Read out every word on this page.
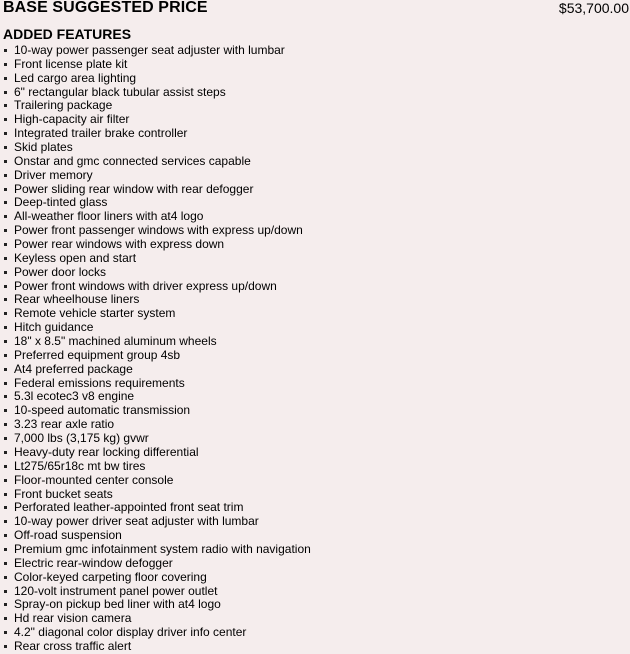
BASE SUGGESTED PRICE	$53,700.00
ADDED FEATURES
10-way power passenger seat adjuster with lumbar
Front license plate kit
Led cargo area lighting
6" rectangular black tubular assist steps
Trailering package
High-capacity air filter
Integrated trailer brake controller
Skid plates
Onstar and gmc connected services capable
Driver memory
Power sliding rear window with rear defogger
Deep-tinted glass
All-weather floor liners with at4 logo
Power front passenger windows with express up/down
Power rear windows with express down
Keyless open and start
Power door locks
Power front windows with driver express up/down
Rear wheelhouse liners
Remote vehicle starter system
Hitch guidance
18" x 8.5" machined aluminum wheels
Preferred equipment group 4sb
At4 preferred package
Federal emissions requirements
5.3l ecotec3 v8 engine
10-speed automatic transmission
3.23 rear axle ratio
7,000 lbs (3,175 kg) gvwr
Heavy-duty rear locking differential
Lt275/65r18c mt bw tires
Floor-mounted center console
Front bucket seats
Perforated leather-appointed front seat trim
10-way power driver seat adjuster with lumbar
Off-road suspension
Premium gmc infotainment system radio with navigation
Electric rear-window defogger
Color-keyed carpeting floor covering
120-volt instrument panel power outlet
Spray-on pickup bed liner with at4 logo
Hd rear vision camera
4.2" diagonal color display driver info center
Rear cross traffic alert
